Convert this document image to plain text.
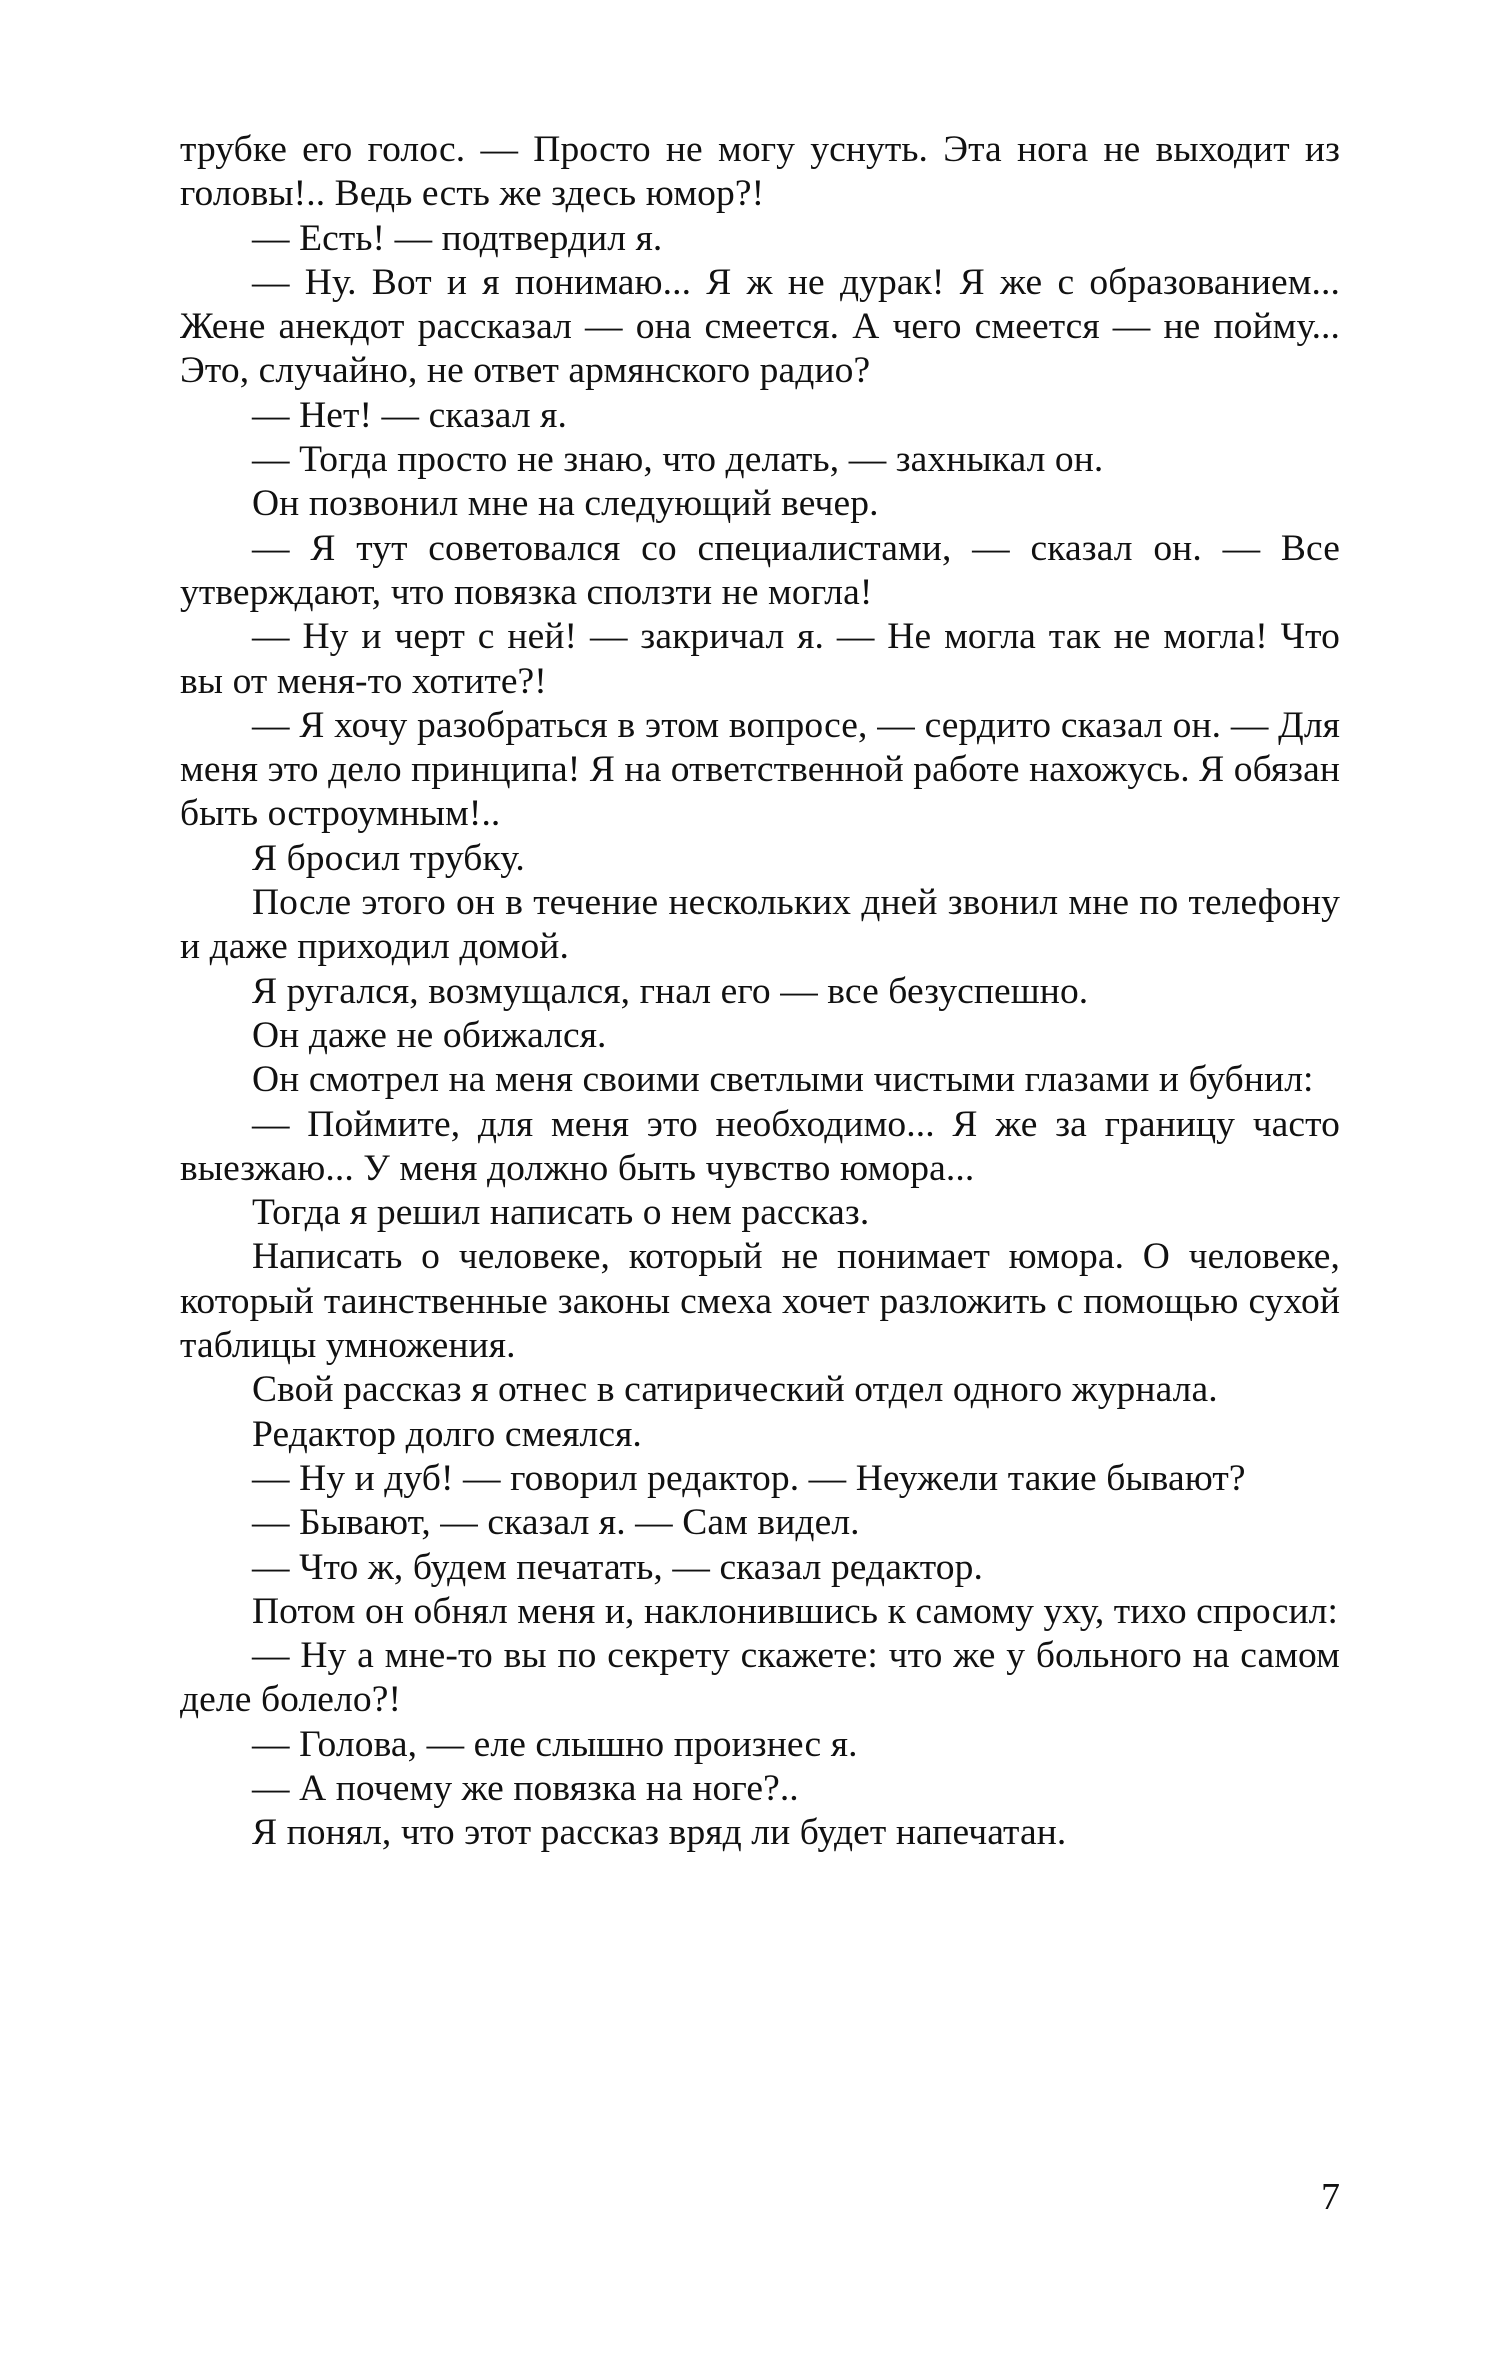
трубке его голос. — Просто не могу уснуть. Эта нога не выходит из головы!.. Ведь есть же здесь юмор?!

— Есть! — подтвердил я.

— Ну. Вот и я понимаю... Я ж не дурак! Я же с образованием... Жене анекдот рассказал — она смеется. А чего смеется — не пойму... Это, случайно, не ответ армянского радио?

— Нет! — сказал я.

— Тогда просто не знаю, что делать, — захныкал он.

Он позвонил мне на следующий вечер.

— Я тут советовался со специалистами, — сказал он. — Все утверждают, что повязка сползти не могла!

— Ну и черт с ней! — закричал я. — Не могла так не могла! Что вы от меня-то хотите?!

— Я хочу разобраться в этом вопросе, — сердито сказал он. — Для меня это дело принципа! Я на ответственной работе нахожусь. Я обязан быть остроумным!..

Я бросил трубку.

После этого он в течение нескольких дней звонил мне по телефону и даже приходил домой.

Я ругался, возмущался, гнал его — все безуспешно.

Он даже не обижался.

Он смотрел на меня своими светлыми чистыми глазами и бубнил:

— Поймите, для меня это необходимо... Я же за границу часто выезжаю... У меня должно быть чувство юмора...

Тогда я решил написать о нем рассказ.

Написать о человеке, который не понимает юмора. О человеке, который таинственные законы смеха хочет разложить с помощью сухой таблицы умножения.

Свой рассказ я отнес в сатирический отдел одного журнала.

Редактор долго смеялся.

— Ну и дуб! — говорил редактор. — Неужели такие бывают?

— Бывают, — сказал я. — Сам видел.

— Что ж, будем печатать, — сказал редактор.

Потом он обнял меня и, наклонившись к самому уху, тихо спросил:

— Ну а мне-то вы по секрету скажете: что же у больного на самом деле болело?!

— Голова, — еле слышно произнес я.

— А почему же повязка на ноге?..

Я понял, что этот рассказ вряд ли будет напечатан.

7
